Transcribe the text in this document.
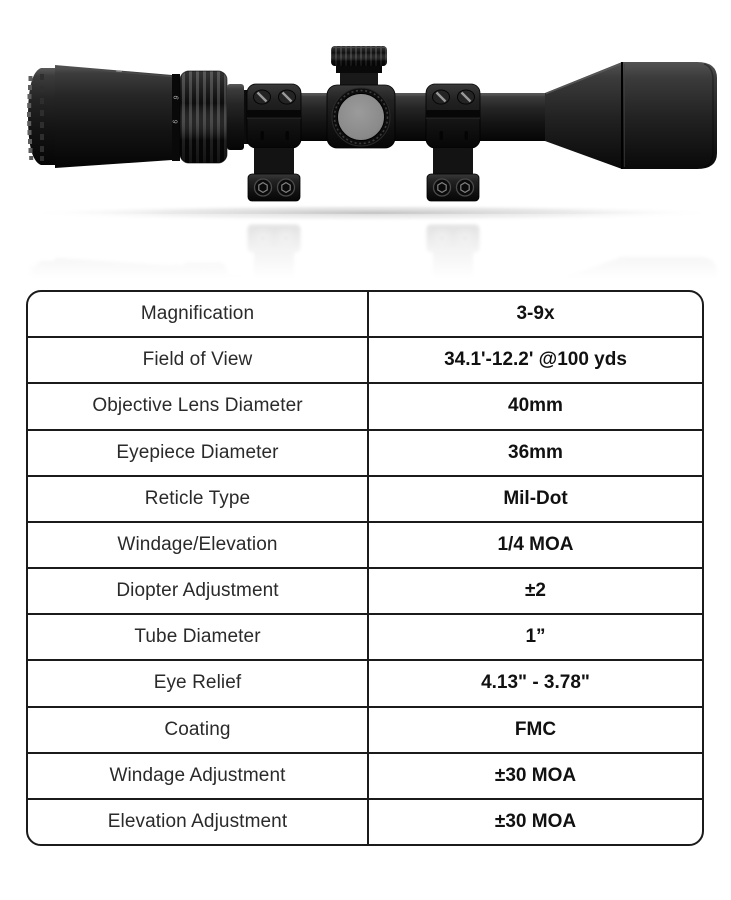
9
6
Magnification	3-9x
Field of View	34.1'-12.2' @100 yds
Objective Lens Diameter	40mm
Eyepiece Diameter	36mm
Reticle Type	Mil-Dot
Windage/Elevation	1/4 MOA
Diopter Adjustment	±2
Tube Diameter	1”
Eye Relief	4.13" - 3.78"
Coating	FMC
Windage Adjustment	±30 MOA
Elevation Adjustment	±30 MOA
